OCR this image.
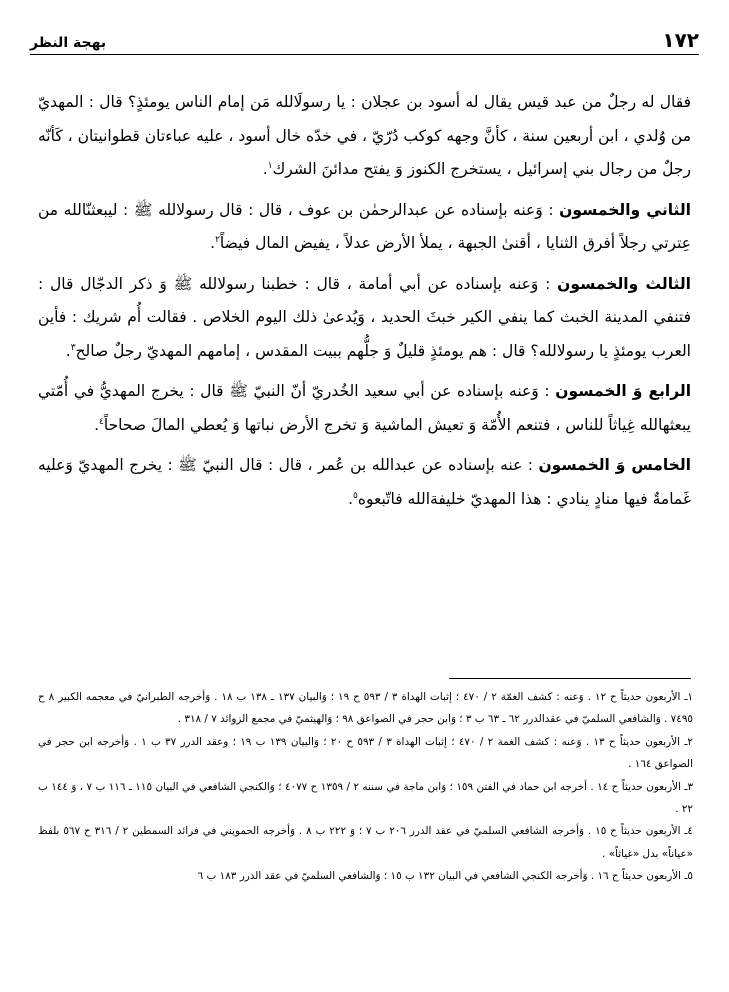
١٧٢
بهجة النظر

فقال له رجلٌ من عبد قيس يقال له أسود بن عجلان : يا رسولَالله مَن إمام الناس يومئذٍ؟ قال : المهديّ من وُلدي ، ابن أربعين سنة ، كأنَّ وجهه كوكب دُرّيّ ، في خدّه خال أسود ، عليه عباءتان قطوانيتان ، كَأنّه رجلٌ من رجال بني إسرائيل ، يستخرج الكنوز وَ يفتح مدائنَ الشرك$^١$.

الثاني والخمسون : وَعنه بإسناده عن عبدالرحمٰن بن عوف ، قال : قال رسولالله ﷺ : ليبعثنّالله من عِترتي رجلاً أفرق الثنايا ، أقنىٰ الجبهة ، يملأ الأرض عدلاً ، يفيض المال فيضاً$^٢$.

الثالث والخمسون : وَعنه بإسناده عن أبي أمامة ، قال : خطبنا رسولالله ﷺ وَ ذكر الدجّال قال : فتنفي المدينة الخبث كما ينفي الكير خبثَ الحديد ، وَيُدعىٰ ذلك اليوم الخلاص . فقالت أُم شريك : فأين العرب يومئذٍ يا رسولالله؟ قال : هم يومئذٍ قليلٌ وَ جلُّهم ببيت المقدس ، إمامهم المهديّ رجلٌ صالح$^٣$.

الرابع وَ الخمسون : وَعنه بإسناده عن أبي سعيد الخُدريّ أنّ النبيّ ﷺ قال : يخرج المهديُّ في أُمّتي يبعثهالله غِياثاً للناس ، فتنعم الأُمّة وَ تعيش الماشية وَ تخرج الأرض نباتها وَ يُعطي المالَ صحاحاً$^٤$.

الخامس وَ الخمسون : عنه بإسناده عن عبدالله بن عُمر ، قال : قال النبيّ ﷺ : يخرج المهديّ وَعليه غَمامةٌ فيها منادٍ ينادي : هذا المهديّ خليفةالله فاتّبعوه$^٥$.

١ـ الأربعون حديثاً ح ١٢ . وَعنه : كشف الغمّة ٢ / ٤٧٠ ؛ إثبات الهداة ٣ / ٥٩٣ ح ١٩ ؛ وَالبيان ١٣٧ ـ ١٣٨ ب ١٨ . وَأخرجه الطبرانيّ في معجمه الكبير ٨ ح ٧٤٩٥ . وَالشافعي السلميّ في عقدالدرر ٦٢ ـ ٦٣ ب ٣ ؛ وَابن حجر في الصواعق ٩٨ ؛ وَالهيثميّ في مجمع الزوائد ٧ / ٣١٨ .

٢ـ الأربعون حديثاً ح ١٣ . وَعنه : كشف الغمة ٢ / ٤٧٠ ؛ إثبات الهداة ٣ / ٥٩٣ ح ٢٠ ؛ وَالبيان ١٣٩ ب ١٩ ؛ وعقد الدرر ٣٧ ب ١ . وَأخرجه ابن حجر في الصواعق ١٦٤ .

٣ـ الأربعون حديثاً ح ١٤ . أخرجه ابن حماد في الفتن ١٥٩ ؛ وَابن ماجة في سننه ٢ / ١٣٥٩ ح ٤٠٧٧ ؛ وَالكنجي الشافعي في البيان ١١٥ ـ ١١٦ ب ٧ ، وَ ١٤٤ ب ٢٢ .

٤ـ الأربعون حديثاً ح ١٥ . وَأخرجه الشافعي السلميّ في عقد الدرر ٢٠٦ ب ٧ ؛ وَ ٢٢٢ ب ٨ . وَأخرجه الحمويني في فرائد السمطين ٢ / ٣١٦ ح ٥٦٧ بلفظ «عياناً» بدل «غياثاً» .

٥ـ الأربعون حديثاً ح ١٦ . وَأخرجه الكنجي الشافعي في البيان ١٣٢ ب ١٥ ؛ وَالشافعي السلميّ في عقد الدرر ١٨٣ ب ٦
